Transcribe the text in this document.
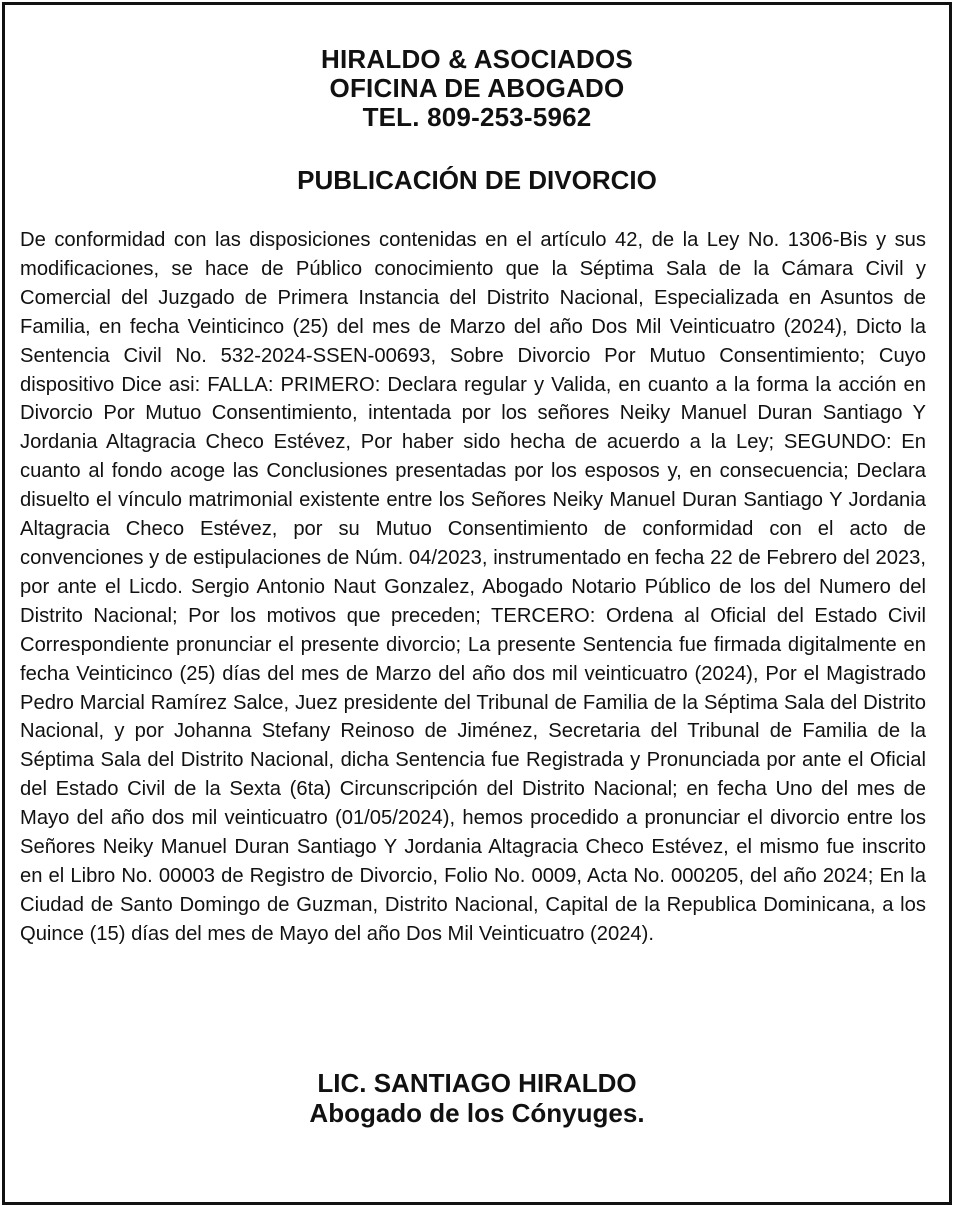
HIRALDO & ASOCIADOS
OFICINA DE ABOGADO
TEL. 809-253-5962
PUBLICACIÓN DE DIVORCIO

De conformidad con las disposiciones contenidas en el artículo 42, de la Ley No. 1306-Bis y sus modificaciones, se hace de Público conocimiento que la Séptima Sala de la Cámara Civil y Comercial del Juzgado de Primera Instancia del Distrito Nacional, Especializada en Asuntos de Familia, en fecha Veinticinco (25) del mes de Marzo del año Dos Mil Veinticuatro (2024), Dicto la Sentencia Civil No. 532-2024-SSEN-00693, Sobre Divorcio Por Mutuo Consentimiento; Cuyo dispositivo Dice asi: FALLA: PRIMERO: Declara regular y Valida, en cuanto a la forma la acción en Divorcio Por Mutuo Consentimiento, intentada por los señores Neiky Manuel Duran Santiago Y Jordania Altagracia Checo Estévez, Por haber sido hecha de acuerdo a la Ley; SEGUNDO: En cuanto al fondo acoge las Conclusiones presentadas por los esposos y, en consecuencia; Declara disuelto el vínculo matrimonial existente entre los Señores Neiky Manuel Duran Santiago Y Jordania Altagracia Checo Estévez, por su Mutuo Consentimiento de conformidad con el acto de convenciones y de estipulaciones de Núm. 04/2023, instrumentado en fecha 22 de Febrero del 2023, por ante el Licdo. Sergio Antonio Naut Gonzalez, Abogado Notario Público de los del Numero del Distrito Nacional; Por los motivos que preceden; TERCERO: Ordena al Oficial del Estado Civil Correspondiente pronunciar el presente divorcio; La presente Sentencia fue firmada digitalmente en fecha Veinticinco (25) días del mes de Marzo del año dos mil veinticuatro (2024), Por el Magistrado Pedro Marcial Ramírez Salce, Juez presidente del Tribunal de Familia de la Séptima Sala del Distrito Nacional, y por Johanna Stefany Reinoso de Jiménez, Secretaria del Tribunal de Familia de la Séptima Sala del Distrito Nacional, dicha Sentencia fue Registrada y Pronunciada por ante el Oficial del Estado Civil de la Sexta (6ta) Circunscripción del Distrito Nacional; en fecha Uno del mes de Mayo del año dos mil veinticuatro (01/05/2024), hemos procedido a pronunciar el divorcio entre los Señores Neiky Manuel Duran Santiago Y Jordania Altagracia Checo Estévez, el mismo fue inscrito en el Libro No. 00003 de Registro de Divorcio, Folio No. 0009, Acta No. 000205, del año 2024; En la Ciudad de Santo Domingo de Guzman, Distrito Nacional, Capital de la Republica Dominicana, a los Quince (15) días del mes de Mayo del año Dos Mil Veinticuatro (2024).

LIC. SANTIAGO HIRALDO
Abogado de los Cónyuges.
